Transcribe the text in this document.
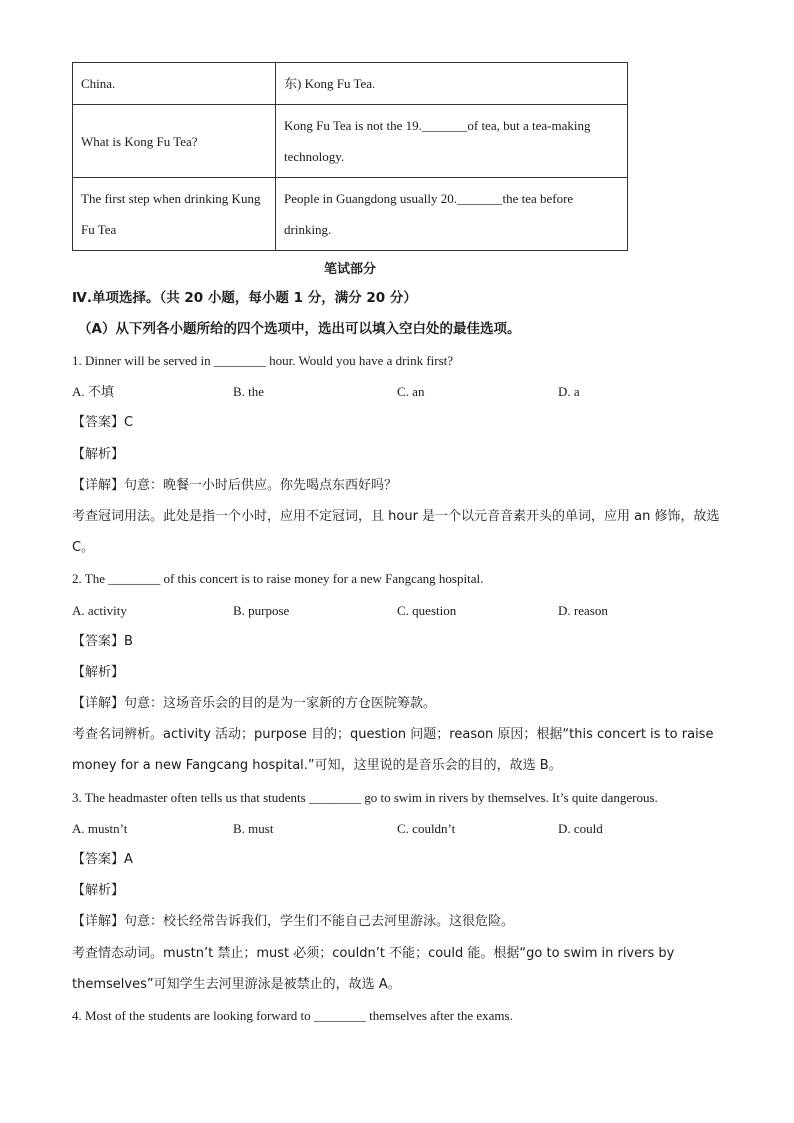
China.	东) Kong Fu Tea.
What is Kong Fu Tea?	Kong Fu Tea is not the 19._______of tea, but a tea-making technology.
The first step when drinking Kung Fu Tea	People in Guangdong usually 20._______the tea before drinking.
笔试部分
Ⅳ.单项选择。（共 20 小题，每小题 1 分，满分 20 分）
（A）从下列各小题所给的四个选项中，选出可以填入空白处的最佳选项。
1. Dinner will be served in ________ hour. Would you have a drink first?
A. 不填	B. the	C. an	D. a
【答案】C
【解析】
【详解】句意：晚餐一小时后供应。你先喝点东西好吗？
考查冠词用法。此处是指一个小时，应用不定冠词，且 hour 是一个以元音音素开头的单词，应用 an 修饰，故选 C。
2. The ________ of this concert is to raise money for a new Fangcang hospital.
A. activity	B. purpose	C. question	D. reason
【答案】B
【解析】
【详解】句意：这场音乐会的目的是为一家新的方仓医院筹款。
考查名词辨析。activity 活动；purpose 目的；question 问题；reason 原因；根据“this concert is to raise money for a new Fangcang hospital.”可知，这里说的是音乐会的目的，故选 B。
3. The headmaster often tells us that students ________ go to swim in rivers by themselves. It’s quite dangerous.
A. mustn’t	B. must	C. couldn’t	D. could
【答案】A
【解析】
【详解】句意：校长经常告诉我们，学生们不能自己去河里游泳。这很危险。
考查情态动词。mustn’t 禁止；must 必须；couldn’t 不能；could 能。根据“go to swim in rivers by themselves”可知学生去河里游泳是被禁止的，故选 A。
4. Most of the students are looking forward to ________ themselves after the exams.
